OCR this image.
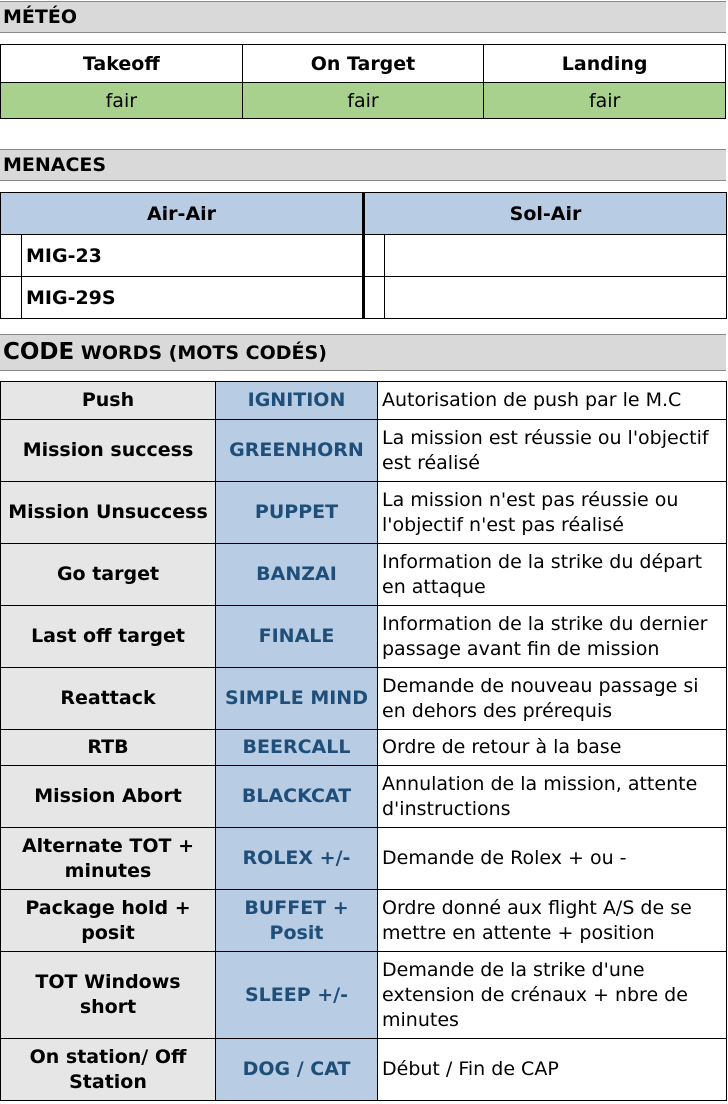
MÉTÉO
Takeoff	On Target	Landing
fair	fair	fair
MENACES
Air-Air		Sol-Air	
	MIG-23		
	MIG-29S		
CODE WORDS (MOTS CODÉS)
Push	IGNITION	Autorisation de push par le M.C
Mission success	GREENHORN	La mission est réussie ou l'objectif est réalisé
Mission Unsuccess	PUPPET	La mission n'est pas réussie ou l'objectif n'est pas réalisé
Go target	BANZAI	Information de la strike du départ en attaque
Last off target	FINALE	Information de la strike du dernier passage avant fin de mission
Reattack	SIMPLE MIND	Demande de nouveau passage si en dehors des prérequis
RTB	BEERCALL	Ordre de retour à la base
Mission Abort	BLACKCAT	Annulation de la mission, attente d'instructions
Alternate TOT + minutes	ROLEX +/-	Demande de Rolex + ou -
Package hold + posit	BUFFET + Posit	Ordre donné aux flight A/S de se mettre en attente + position
TOT Windows short	SLEEP +/-	Demande de la strike d'une extension de crénaux + nbre de minutes
On station/ Off Station	DOG / CAT	Début / Fin de CAP
